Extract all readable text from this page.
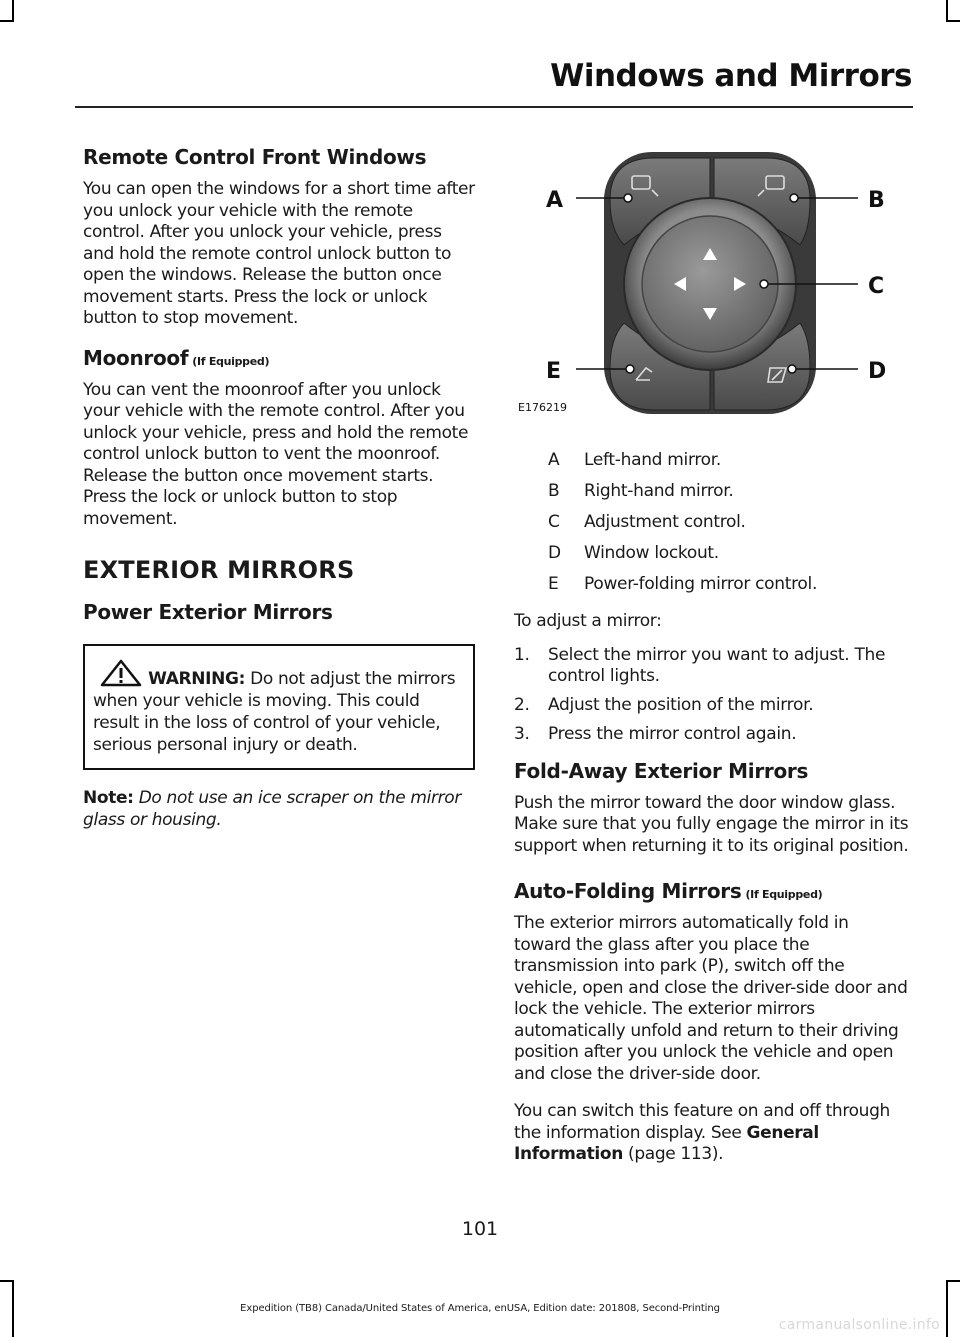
Windows and Mirrors
Remote Control Front Windows

You can open the windows for a short time after you unlock your vehicle with the remote control. After you unlock your vehicle, press and hold the remote control unlock button to open the windows. Release the button once movement starts. Press the lock or unlock button to stop movement.

Moonroof (If Equipped)

You can vent the moonroof after you unlock your vehicle with the remote control. After you unlock your vehicle, press and hold the remote control unlock button to vent the moonroof. Release the button once movement starts. Press the lock or unlock button to stop movement.

EXTERIOR MIRRORS
Power Exterior Mirrors
WARNING: Do not adjust the mirrors when your vehicle is moving. This could result in the loss of control of your vehicle, serious personal injury or death.
Note: Do not use an ice scraper on the mirror glass or housing.
A	B
C
D
E
E176219
A	Left-hand mirror.
B	Right-hand mirror.
C	Adjustment control.
D	Window lockout.
E	Power-folding mirror control.

To adjust a mirror:

1.	Select the mirror you want to adjust. The control lights.
2.	Adjust the position of the mirror.
3.	Press the mirror control again.
Fold-Away Exterior Mirrors

Push the mirror toward the door window glass. Make sure that you fully engage the mirror in its support when returning it to its original position.

Auto-Folding Mirrors (If Equipped)

The exterior mirrors automatically fold in toward the glass after you place the transmission into park (P), switch off the vehicle, open and close the driver-side door and lock the vehicle. The exterior mirrors automatically unfold and return to their driving position after you unlock the vehicle and open and close the driver-side door.

You can switch this feature on and off through the information display. See General Information (page 113).

101
Expedition (TB8) Canada/United States of America, enUSA, Edition date: 201808, Second-Printing
carmanualsonline.info
